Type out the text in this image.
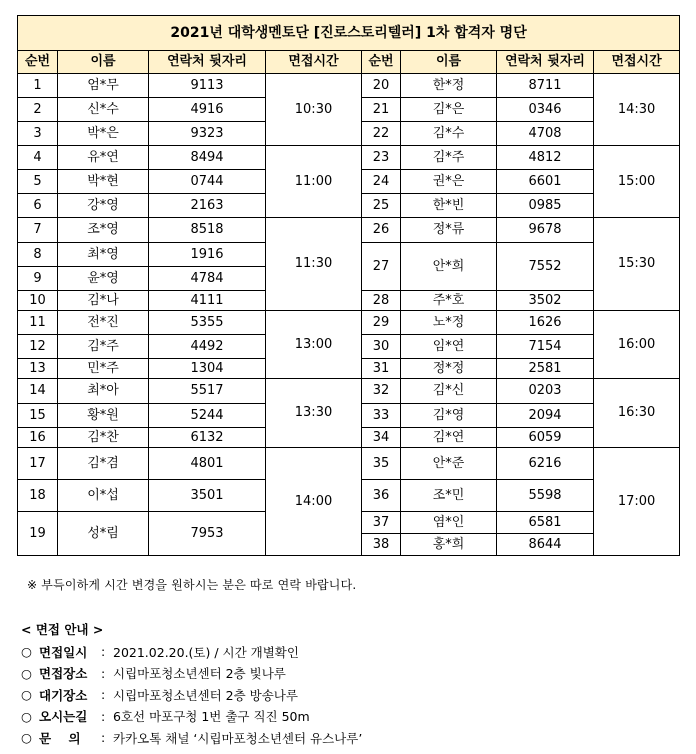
2021년 대학생멘토단 [진로스토리텔러] 1차 합격자 명단							
순번	이름	연락처 뒷자리	면접시간	순번	이름	연락처 뒷자리	면접시간
1	엄*무	9113	10:30	20	한*정	8711	14:30
2	신*수	4916		21	김*은	0346	
3	박*은	9323		22	김*수	4708	
4	유*연	8494	11:00	23	김*주	4812	15:00
5	박*현	0744		24	권*은	6601	
6	강*영	2163		25	한*빈	0985	
7	조*영	8518	11:30	26	정*류	9678	15:30
8	최*영	1916		27	안*희	7552	
9	윤*영	4784					
10	김*나	4111		28	주*호	3502	
11	전*진	5355	13:00	29	노*정	1626	16:00
12	김*주	4492		30	임*연	7154	
13	민*주	1304		31	정*정	2581	
14	최*아	5517	13:30	32	김*신	0203	16:30
15	황*원	5244		33	김*영	2094	
16	김*찬	6132		34	김*연	6059	
17	김*겸	4801	14:00	35	안*준	6216	17:00
18	이*섭	3501		36	조*민	5598	
19	성*림	7953		37	염*인	6581	
				38	홍*희	8644	
※ 부득이하게 시간 변경을 원하시는 분은 따로 연락 바랍니다.
< 면접 안내 >
○ 면접일시	: 2021.02.20.(토) / 시간 개별확인
○ 면접장소	: 시립마포청소년센터 2층 빛나루
○ 대기장소	: 시립마포청소년센터 2층 방송나루
○ 오시는길	: 6호선 마포구청 1번 출구 직진 50m
○ 문    의	: 카카오톡 채널 ‘시립마포청소년센터 유스나루’
